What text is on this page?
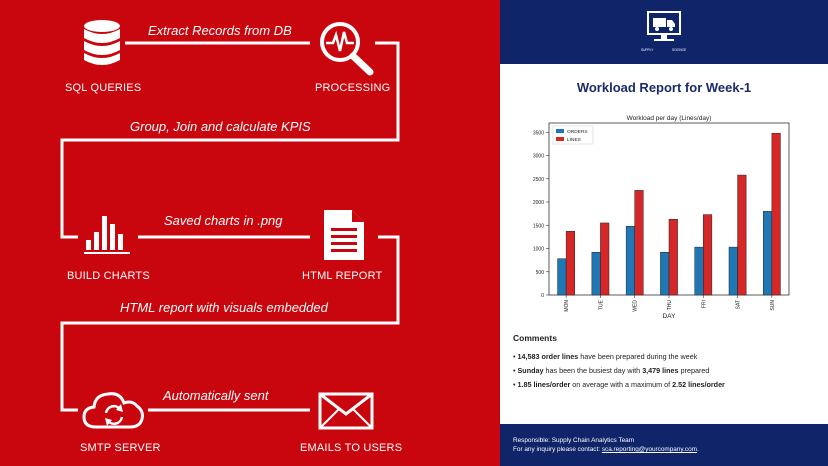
SQL QUERIES	PROCESSING
BUILD CHARTS	HTML REPORT
SMTP SERVER	EMAILS TO USERS
Extract Records from DB
Group, Join and calculate KPIS
Saved charts in .png
HTML report with visuals embedded
Automatically sent
SUPPLY	SCIENCE
Workload Report for Week-1
Workload per day (Lines/day)
DAY
0
500
1000
1500
2000
2500
3000
3500
MON	TUE	WED	THU	FRI	SAT	SUN
ORDERS
LINES
Comments
• 14,583 order lines have been prepared during the week
• Sunday has been the busiest day with 3,479 lines prepared
• 1.85 lines/order on average with a maximum of 2.52 lines/order
Responsible: Supply Chain Analytics Team
For any inquiry please contact: sca.reporting@yourcompany.com.
